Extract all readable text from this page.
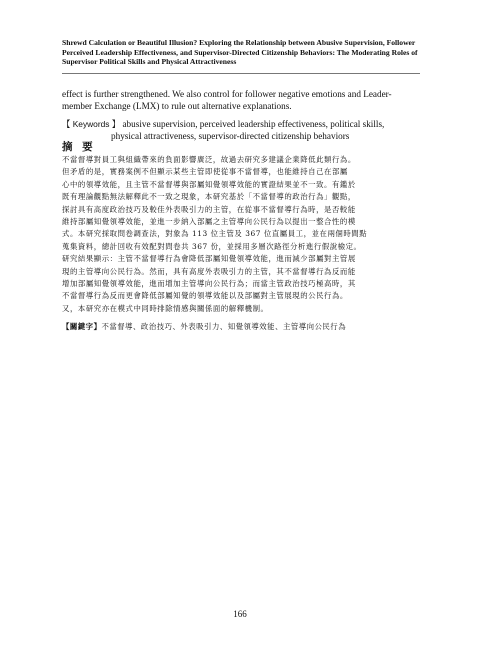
Shrewd Calculation or Beautiful Illusion? Exploring the Relationship between Abusive Supervision, Follower
Perceived Leadership Effectiveness, and Supervisor-Directed Citizenship Behaviors: The Moderating Roles of
Supervisor Political Skills and Physical Attractiveness
effect is further strengthened. We also control for follower negative emotions and Leader-
member Exchange (LMX) to rule out alternative explanations.
【 Keywords 】 abusive supervision, perceived leadership effectiveness, political skills,
physical attractiveness, supervisor-directed citizenship behaviors
摘 要
不當督導對員工與組織帶來的負面影響廣泛，故過去研究多建議企業降低此類行為。
但矛盾的是，實務案例不但顯示某些主管即使從事不當督導，也能維持自己在部屬
心中的領導效能，且主管不當督導與部屬知覺領導效能的實證結果並不一致。有鑑於
既有理論觀點無法解釋此不一致之現象，本研究基於「不當督導的政治行為」觀點，
探討具有高度政治技巧及較佳外表吸引力的主管，在從事不當督導行為時，是否較能
維持部屬知覺領導效能，並進一步納入部屬之主管導向公民行為以提出一整合性的模
式。本研究採取問卷調查法，對象為 113 位主管及 367 位直屬員工，並在兩個時間點
蒐集資料，總計回收有效配對問卷共 367 份，並採用多層次路徑分析進行假說檢定。
研究結果顯示：主管不當督導行為會降低部屬知覺領導效能，進而減少部屬對主管展
現的主管導向公民行為。然而，具有高度外表吸引力的主管，其不當督導行為反而能
增加部屬知覺領導效能，進而增加主管導向公民行為；而當主管政治技巧極高時，其
不當督導行為反而更會降低部屬知覺的領導效能以及部屬對主管展現的公民行為。
又，本研究亦在模式中同時排除情感與關係面的解釋機制。
【關鍵字】不當督導、政治技巧、外表吸引力、知覺領導效能、主管導向公民行為
166
